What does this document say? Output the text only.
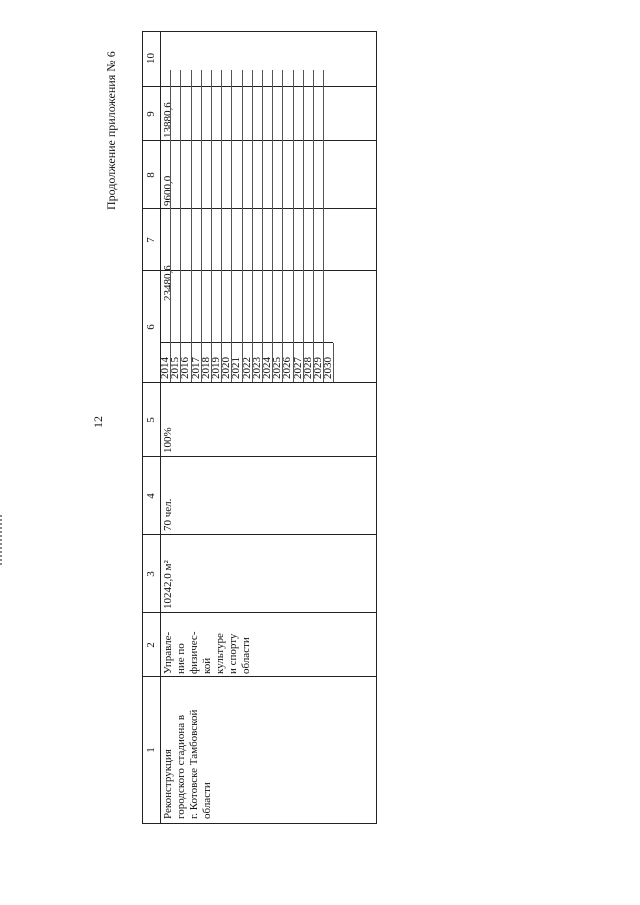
12
Продолжение приложения № 6
1
2
3
4
5
6
7
8
9
10
Реконструкция
городского стадиона в
г. Котовске Тамбовской
области
Управле-
ние по
физичес-
кой
культуре
и спорту
области
10242,0 м²
70 чел.
100%
23480,6
9600,0
13880,6
2014
2015
2016
2017
2018
2019
2020
2021
2022
2023
2024
2025
2026
2027
2028
2029
2030
